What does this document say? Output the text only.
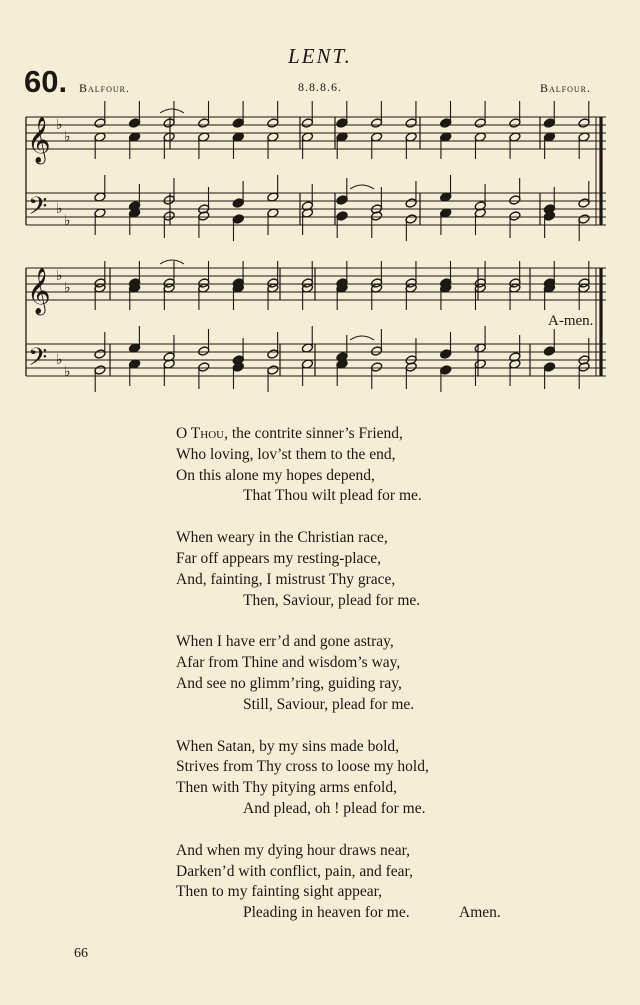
LENT.
60. Balfour.	8.8.8.6.	Balfour.
𝄞
𝄢
♭
♭
♭
♭
𝄞
𝄢
♭
♭
♭
♭
A-men.
O Thou, the contrite sinner’s Friend,
Who loving, lov’st them to the end,
On this alone my hopes depend,
That Thou wilt plead for me.
When weary in the Christian race,
Far off appears my resting-place,
And, fainting, I mistrust Thy grace,
Then, Saviour, plead for me.
When I have err’d and gone astray,
Afar from Thine and wisdom’s way,
And see no glimm’ring, guiding ray,
Still, Saviour, plead for me.
When Satan, by my sins made bold,
Strives from Thy cross to loose my hold,
Then with Thy pitying arms enfold,
And plead, oh ! plead for me.
And when my dying hour draws near,
Darken’d with conflict, pain, and fear,
Then to my fainting sight appear,
Pleading in heaven for me.	Amen.
66
